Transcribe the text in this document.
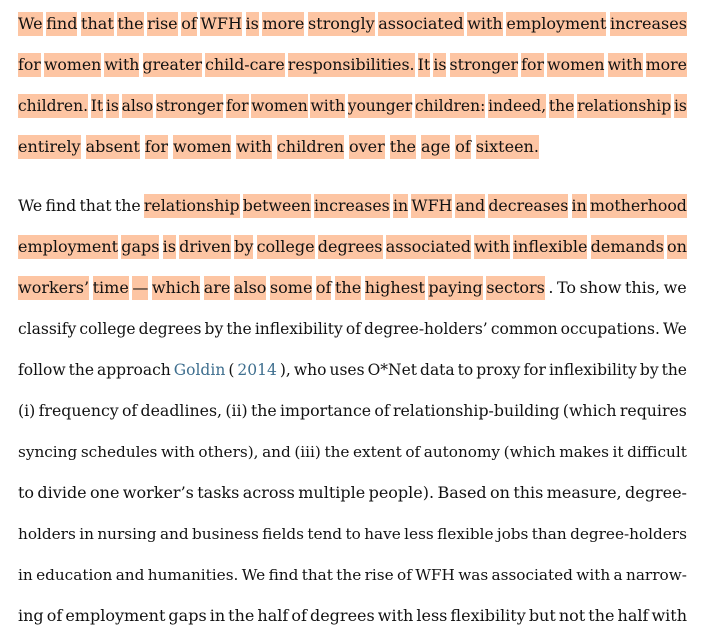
We find that the rise of WFH is more strongly associated with employment increases
for women with greater child-care responsibilities. It is stronger for women with more
children. It is also stronger for women with younger children: indeed, the relationship is
entirely absent for women with children over the age of sixteen.
We find that the relationship between increases in WFH and decreases in motherhood
employment gaps is driven by college degrees associated with inflexible demands on
workers’ time — which are also some of the highest paying sectors . To show this, we
classify college degrees by the inflexibility of degree-holders’ common occupations. We
follow the approach Goldin ( 2014 ), who uses O*Net data to proxy for inflexibility by the
(i) frequency of deadlines, (ii) the importance of relationship-building (which requires
syncing schedules with others), and (iii) the extent of autonomy (which makes it difficult
to divide one worker’s tasks across multiple people). Based on this measure, degree-
holders in nursing and business fields tend to have less flexible jobs than degree-holders
in education and humanities. We find that the rise of WFH was associated with a narrow-
ing of employment gaps in the half of degrees with less flexibility but not the half with
